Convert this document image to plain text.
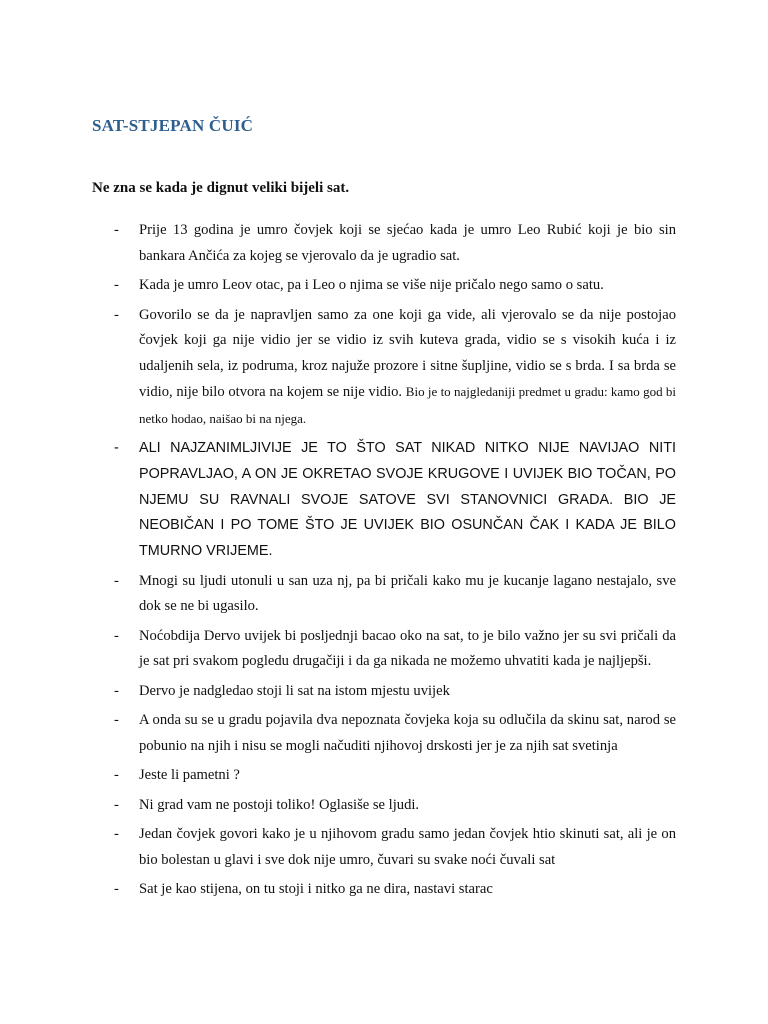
SAT-STJEPAN ČUIĆ

Ne zna se kada je dignut veliki bijeli sat.

- Prije 13 godina je umro čovjek koji se sjećao kada je umro Leo Rubić koji je bio sin bankara Ančića za kojeg se vjerovalo da je ugradio sat.
- Kada je umro Leov otac, pa i Leo o njima se više nije pričalo nego samo o satu.
- Govorilo se da je napravljen samo za one koji ga vide, ali vjerovalo se da nije postojao čovjek koji ga nije vidio jer se vidio iz svih kuteva grada, vidio se s visokih kuća i iz udaljenih sela, iz podruma, kroz najuže prozore i sitne šupljine, vidio se s brda. I sa brda se vidio, nije bilo otvora na kojem se nije vidio. Bio je to najgledaniji predmet u gradu: kamo god bi netko hodao, naišao bi na njega.
- ALI NAJZANIMLJIVIJE JE TO ŠTO SAT NIKAD NITKO NIJE NAVIJAO NITI POPRAVLJAO, A ON JE OKRETAO SVOJE KRUGOVE I UVIJEK BIO TOČAN, PO NJEMU SU RAVNALI SVOJE SATOVE SVI STANOVNICI GRADA. BIO JE NEOBIČAN I PO TOME ŠTO JE UVIJEK BIO OSUNČAN ČAK I KADA JE BILO TMURNO VRIJEME.
- Mnogi su ljudi utonuli u san uza nj, pa bi pričali kako mu je kucanje lagano nestajalo, sve dok se ne bi ugasilo.
- Noćobdija Dervo uvijek bi posljednji bacao oko na sat, to je bilo važno jer su svi pričali da je sat pri svakom pogledu drugačiji i da ga nikada ne možemo uhvatiti kada je najljepši.
- Dervo je nadgledao stoji li sat na istom mjestu uvijek
- A onda su se u gradu pojavila dva nepoznata čovjeka koja su odlučila da skinu sat, narod se pobunio na njih i nisu se mogli načuditi njihovoj drskosti jer je za njih sat svetinja
- Jeste li pametni ?
- Ni grad vam ne postoji toliko! Oglasiše se ljudi.
- Jedan čovjek govori kako je u njihovom gradu samo jedan čovjek htio skinuti sat, ali je on bio bolestan u glavi i sve dok nije umro, čuvari su svake noći čuvali sat
- Sat je kao stijena, on tu stoji i nitko ga ne dira, nastavi starac
